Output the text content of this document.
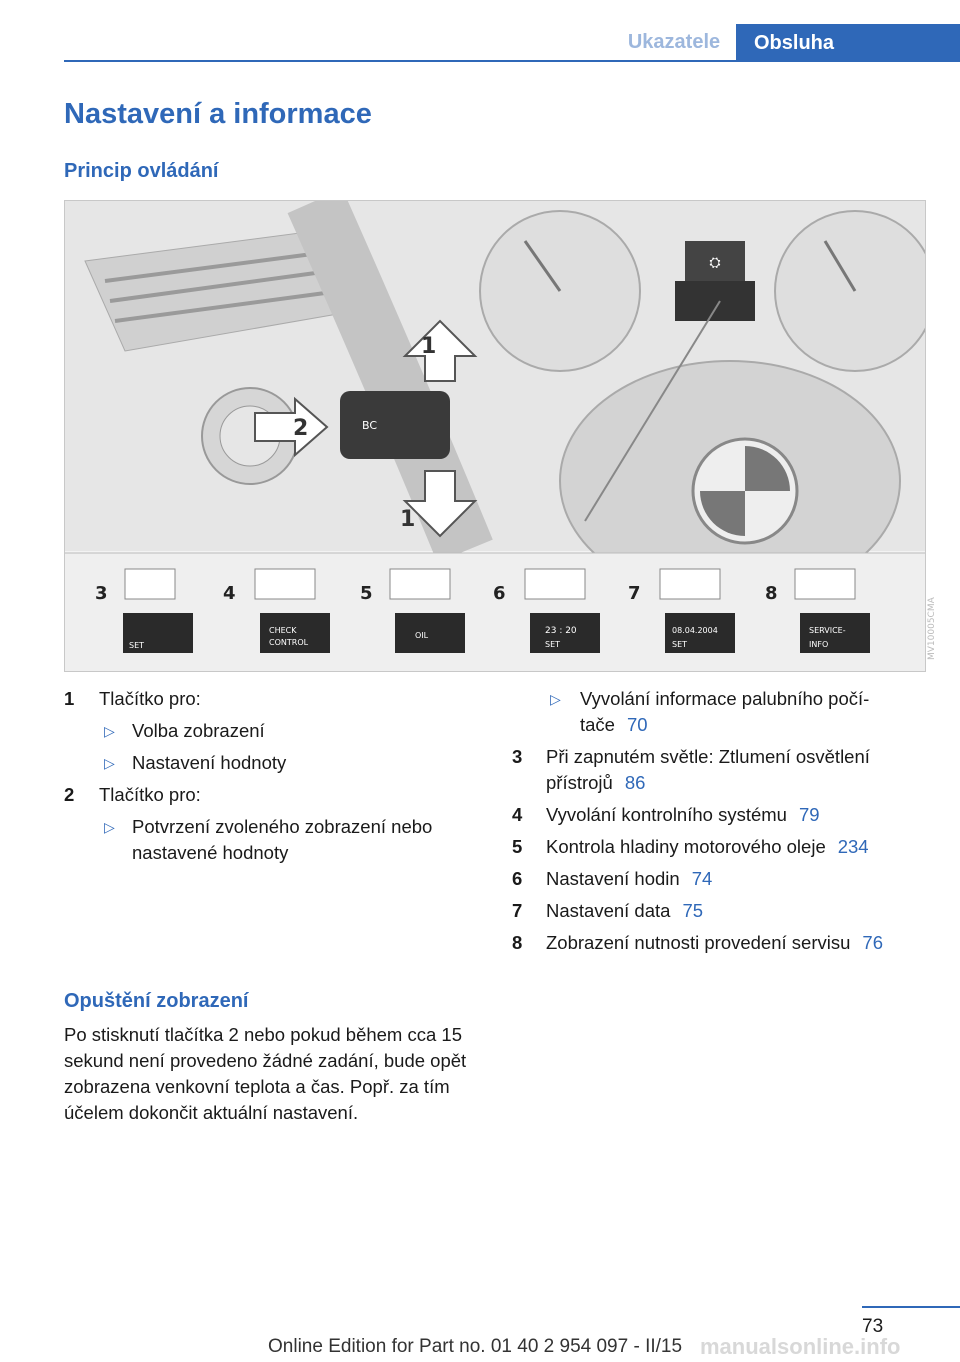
Ukazatele	Obsluha
Nastavení a informace
Princip ovládání
⛭
BC
1
1
2
3
SET
4
CHECK
CONTROL
5
OIL
6
23 : 20
SET
7
08.04.2004
SET
8
SERVICE-
INFO	MV10005CMA
1 Tlačítko pro:
▷ Volba zobrazení
▷ Nastavení hodnoty
2 Tlačítko pro:
▷ Potvrzení zvoleného zobrazení nebo
nastavené hodnoty
▷ Vyvolání informace palubního počí‐
tače 70
3 Při zapnutém světle: Ztlumení osvětlení
přístrojů 86
4 Vyvolání kontrolního systému 79
5 Kontrola hladiny motorového oleje 234
6 Nastavení hodin 74
7 Nastavení data 75
8 Zobrazení nutnosti provedení servisu 76
Opuštění zobrazení

Po stisknutí tlačítka 2 nebo pokud během cca 15 sekund není provedeno žádné zadání, bude opět zobrazena venkovní teplota a čas. Popř. za tím účelem dokončit aktuální nastavení.

73
manualsonline.info
Online Edition for Part no. 01 40 2 954 097 - II/15
